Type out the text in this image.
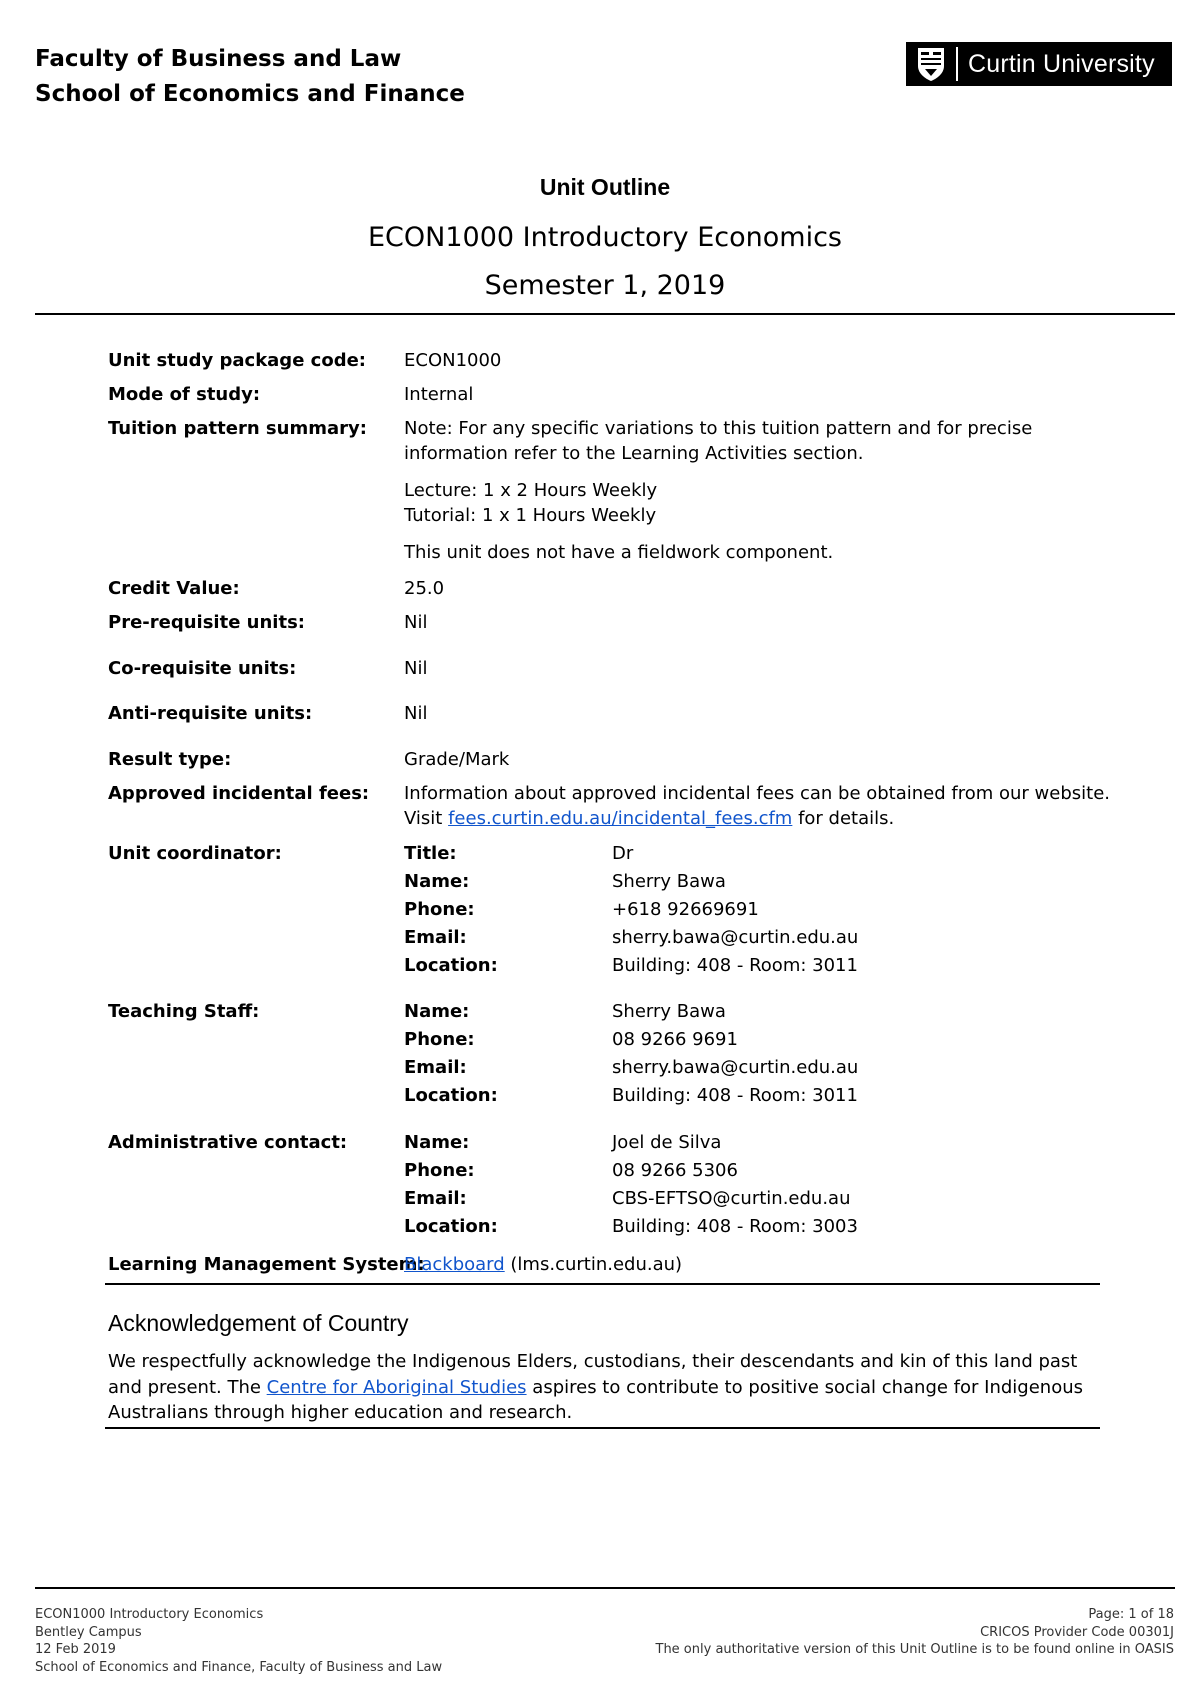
Faculty of Business and Law
School of Economics and Finance
Curtin University
Unit Outline
ECON1000 Introductory Economics
Semester 1, 2019
Unit study package code: ECON1000
Mode of study:	Internal
Tuition pattern summary: Note: For any specific variations to this tuition pattern and for precise
information refer to the Learning Activities section.
Lecture: 1 x 2 Hours Weekly
Tutorial: 1 x 1 Hours Weekly
This unit does not have a fieldwork component.
Credit Value:	25.0
Pre-requisite units:	Nil
Co-requisite units:	Nil
Anti-requisite units:	Nil
Result type:	Grade/Mark
Approved incidental fees: Information about approved incidental fees can be obtained from our website.
Visit fees.curtin.edu.au/incidental_fees.cfm for details.
Unit coordinator:	Title:	Dr
Name:	Sherry Bawa
Phone:	+618 92669691
Email:	sherry.bawa@curtin.edu.au
Location:	Building: 408 - Room: 3011
Teaching Staff:	Name:	Sherry Bawa
Phone:	08 9266 9691
Email:	sherry.bawa@curtin.edu.au
Location:	Building: 408 - Room: 3011
Administrative contact:	Name:	Joel de Silva
Phone:	08 9266 5306
Email:	CBS-EFTSO@curtin.edu.au
Location:	Building: 408 - Room: 3003
Learning Management System:
Blackboard (lms.curtin.edu.au)
Acknowledgement of Country
We respectfully acknowledge the Indigenous Elders, custodians, their descendants and kin of this land past and present. The Centre for Aboriginal Studies aspires to contribute to positive social change for Indigenous Australians through higher education and research.
ECON1000 Introductory Economics
Bentley Campus
12 Feb 2019
School of Economics and Finance, Faculty of Business and Law
Page: 1 of 18
CRICOS Provider Code 00301J
The only authoritative version of this Unit Outline is to be found online in OASIS
